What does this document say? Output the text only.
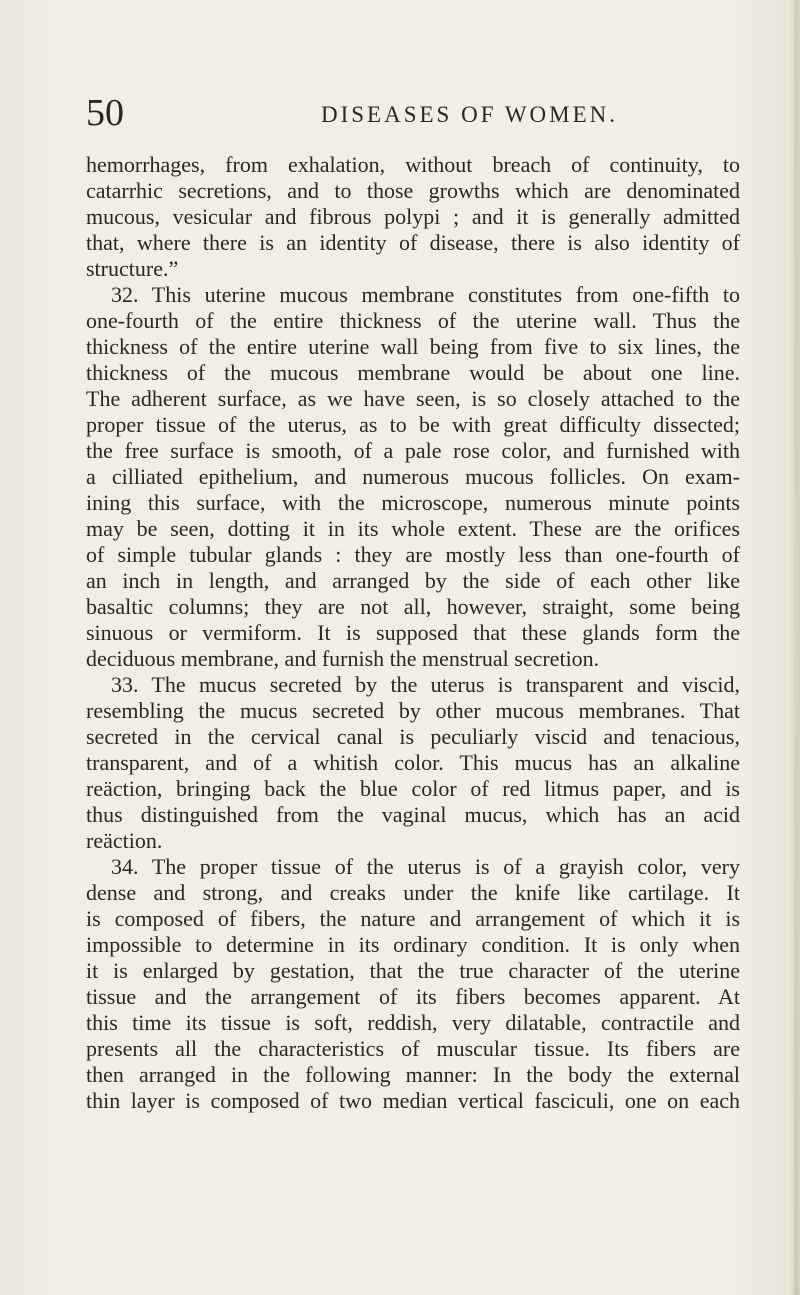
50	DISEASES OF WOMEN.
hemorrhages, from exhalation, without breach of continuity, to
catarrhic secretions, and to those growths which are denominated
mucous, vesicular and fibrous polypi ; and it is generally admitted
that, where there is an identity of disease, there is also identity of
structure.”
32. This uterine mucous membrane constitutes from one-fifth to
one-fourth of the entire thickness of the uterine wall. Thus the
thickness of the entire uterine wall being from five to six lines, the
thickness of the mucous membrane would be about one line.
The adherent surface, as we have seen, is so closely attached to the
proper tissue of the uterus, as to be with great difficulty dissected;
the free surface is smooth, of a pale rose color, and furnished with
a cilliated epithelium, and numerous mucous follicles. On exam-
ining this surface, with the microscope, numerous minute points
may be seen, dotting it in its whole extent. These are the orifices
of simple tubular glands : they are mostly less than one-fourth of
an inch in length, and arranged by the side of each other like
basaltic columns; they are not all, however, straight, some being
sinuous or vermiform. It is supposed that these glands form the
deciduous membrane, and furnish the menstrual secretion.
33. The mucus secreted by the uterus is transparent and viscid,
resembling the mucus secreted by other mucous membranes. That
secreted in the cervical canal is peculiarly viscid and tenacious,
transparent, and of a whitish color. This mucus has an alkaline
reäction, bringing back the blue color of red litmus paper, and is
thus distinguished from the vaginal mucus, which has an acid
reäction.
34. The proper tissue of the uterus is of a grayish color, very
dense and strong, and creaks under the knife like cartilage. It
is composed of fibers, the nature and arrangement of which it is
impossible to determine in its ordinary condition. It is only when
it is enlarged by gestation, that the true character of the uterine
tissue and the arrangement of its fibers becomes apparent. At
this time its tissue is soft, reddish, very dilatable, contractile and
presents all the characteristics of muscular tissue. Its fibers are
then arranged in the following manner: In the body the external
thin layer is composed of two median vertical fasciculi, one on each
